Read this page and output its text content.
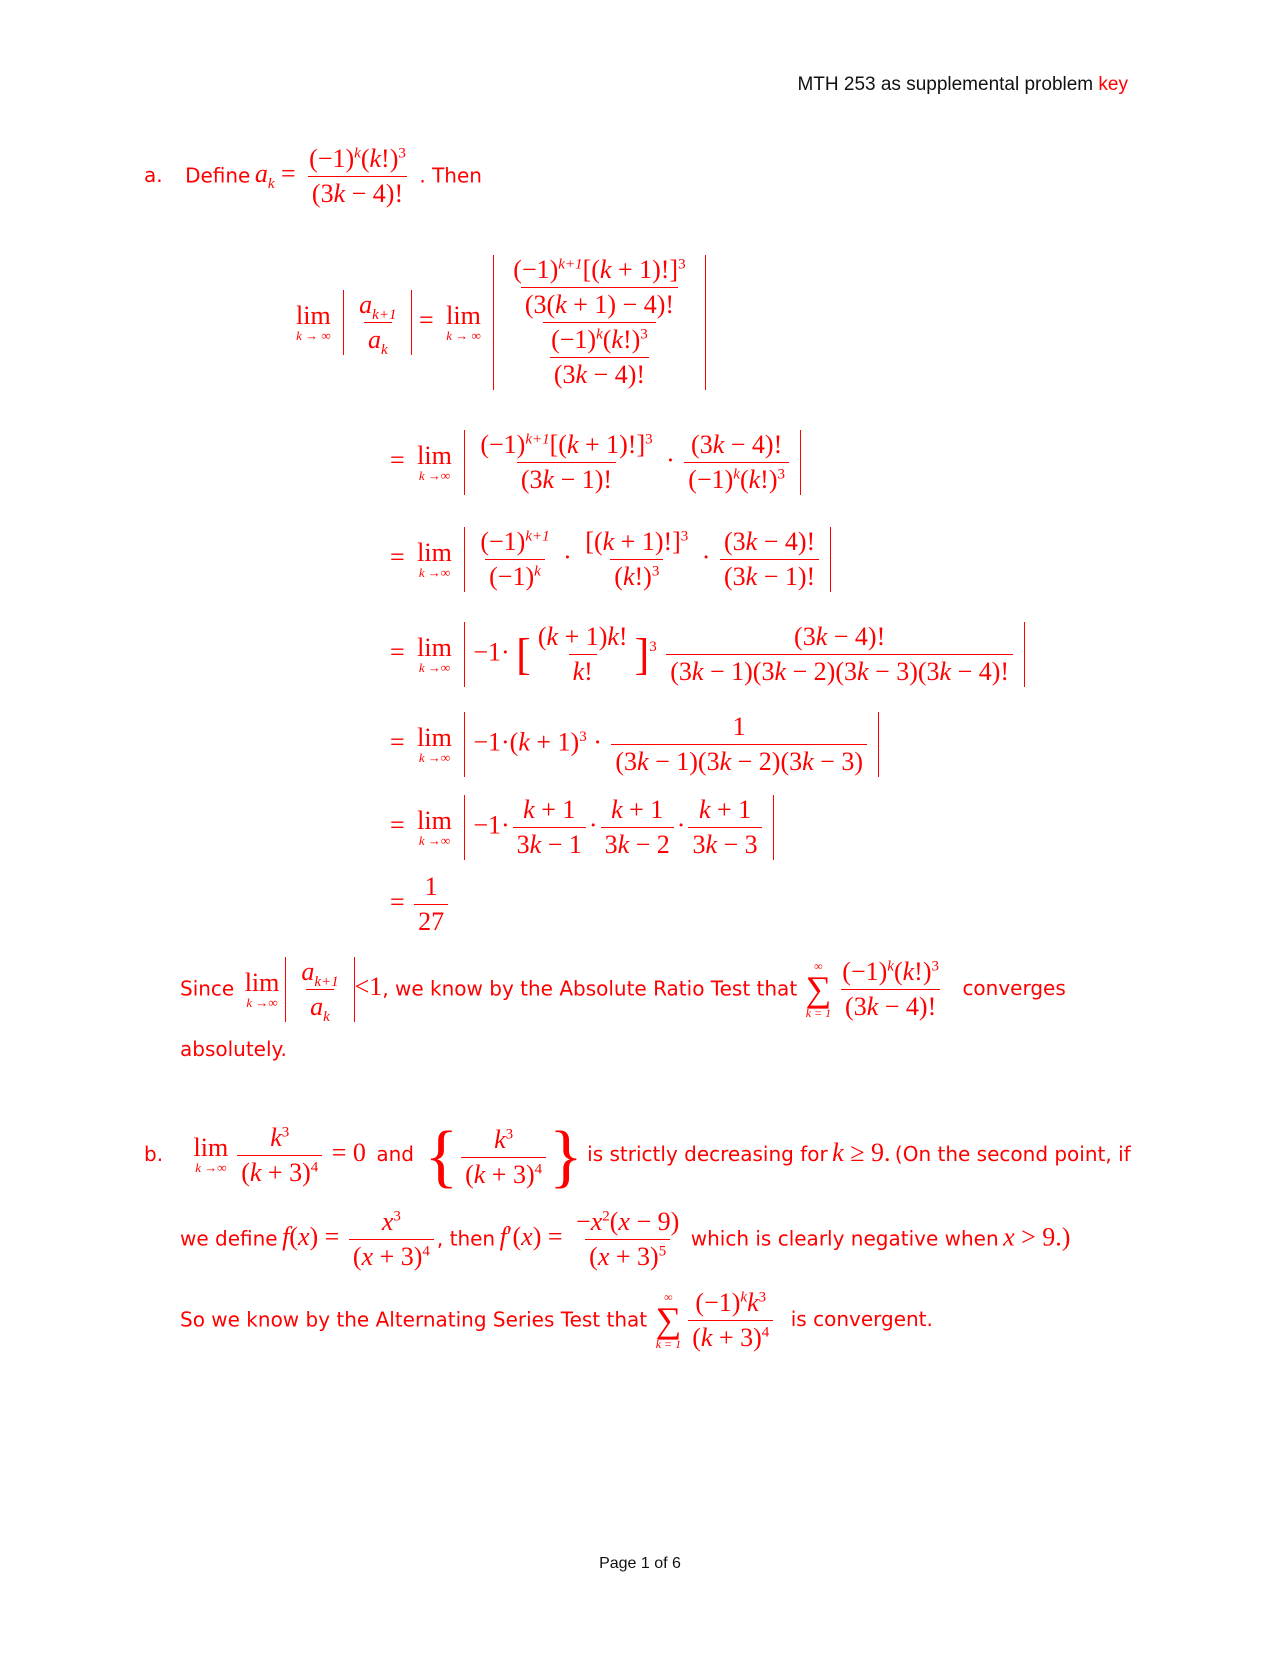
MTH 253 as supplemental problem key
a. Define $a_k = \frac{(-1)^k(k!)^3}{(3k - 4)!}$ . Then
lim
k → ∞
$\frac{a_{k+1}}{a_k} = \lim$
k → ∞
$\frac{\frac{(-1)^{k+1}[(k + 1)!]^3}{(3(k + 1) - 4)!}}{\frac{(-1)^k(k!)^3}{(3k - 4)!}}$
= lim
k →∞
$\frac{(-1)^{k+1}[(k + 1)!]^3}{(3k - 1)!} \cdot \frac{(3k - 4)!}{(-1)^k(k!)^3}$
= lim
k →∞
$\frac{(-1)^{k+1}}{(-1)^k} \cdot \frac{[(k + 1)!]^3}{(k!)^3} \cdot \frac{(3k - 4)!}{(3k - 1)!}$
= lim
k →∞
−1· [ $\frac{(k + 1)k!}{k!} ]^3 \frac{(3k - 4)!}{(3k - 1)(3k - 2)(3k - 3)(3k - 4)!}$
= lim
k →∞
$-1\cdot(k + 1)^3 \cdot \frac{1}{(3k - 1)(3k - 2)(3k - 3)}$
= lim
k →∞
$-1\cdot \frac{k + 1}{3k - 1} \cdot \frac{k + 1}{3k - 2} \cdot \frac{k + 1}{3k - 3}$
= $\frac{1}{27}$
Since lim
k →∞ $\frac{a_{k+1}}{a_k} <1$, we know by the Absolute Ratio Test that
∞
∑
$k = 1 \frac{(-1)^k(k!)^3}{(3k - 4)!}$ converges
absolutely.
b. lim
k →∞ $\frac{k^3}{(k + 3)^4} = 0$ and { $\frac{k^3}{(k + 3)^4}$ } is strictly decreasing for k ≥ 9. (On the second point, if
we define $f(x) = \frac{x^3}{(x + 3)^4}$ , then $f'(x) = \frac{-x^2(x - 9)}{(x + 3)^5}$ which is clearly negative when x > 9.)
So we know by the Alternating Series Test that
∞
∑
$k = 1 \frac{(-1)^kk^3}{(k + 3)^4}$ is convergent.
Page 1 of 6
